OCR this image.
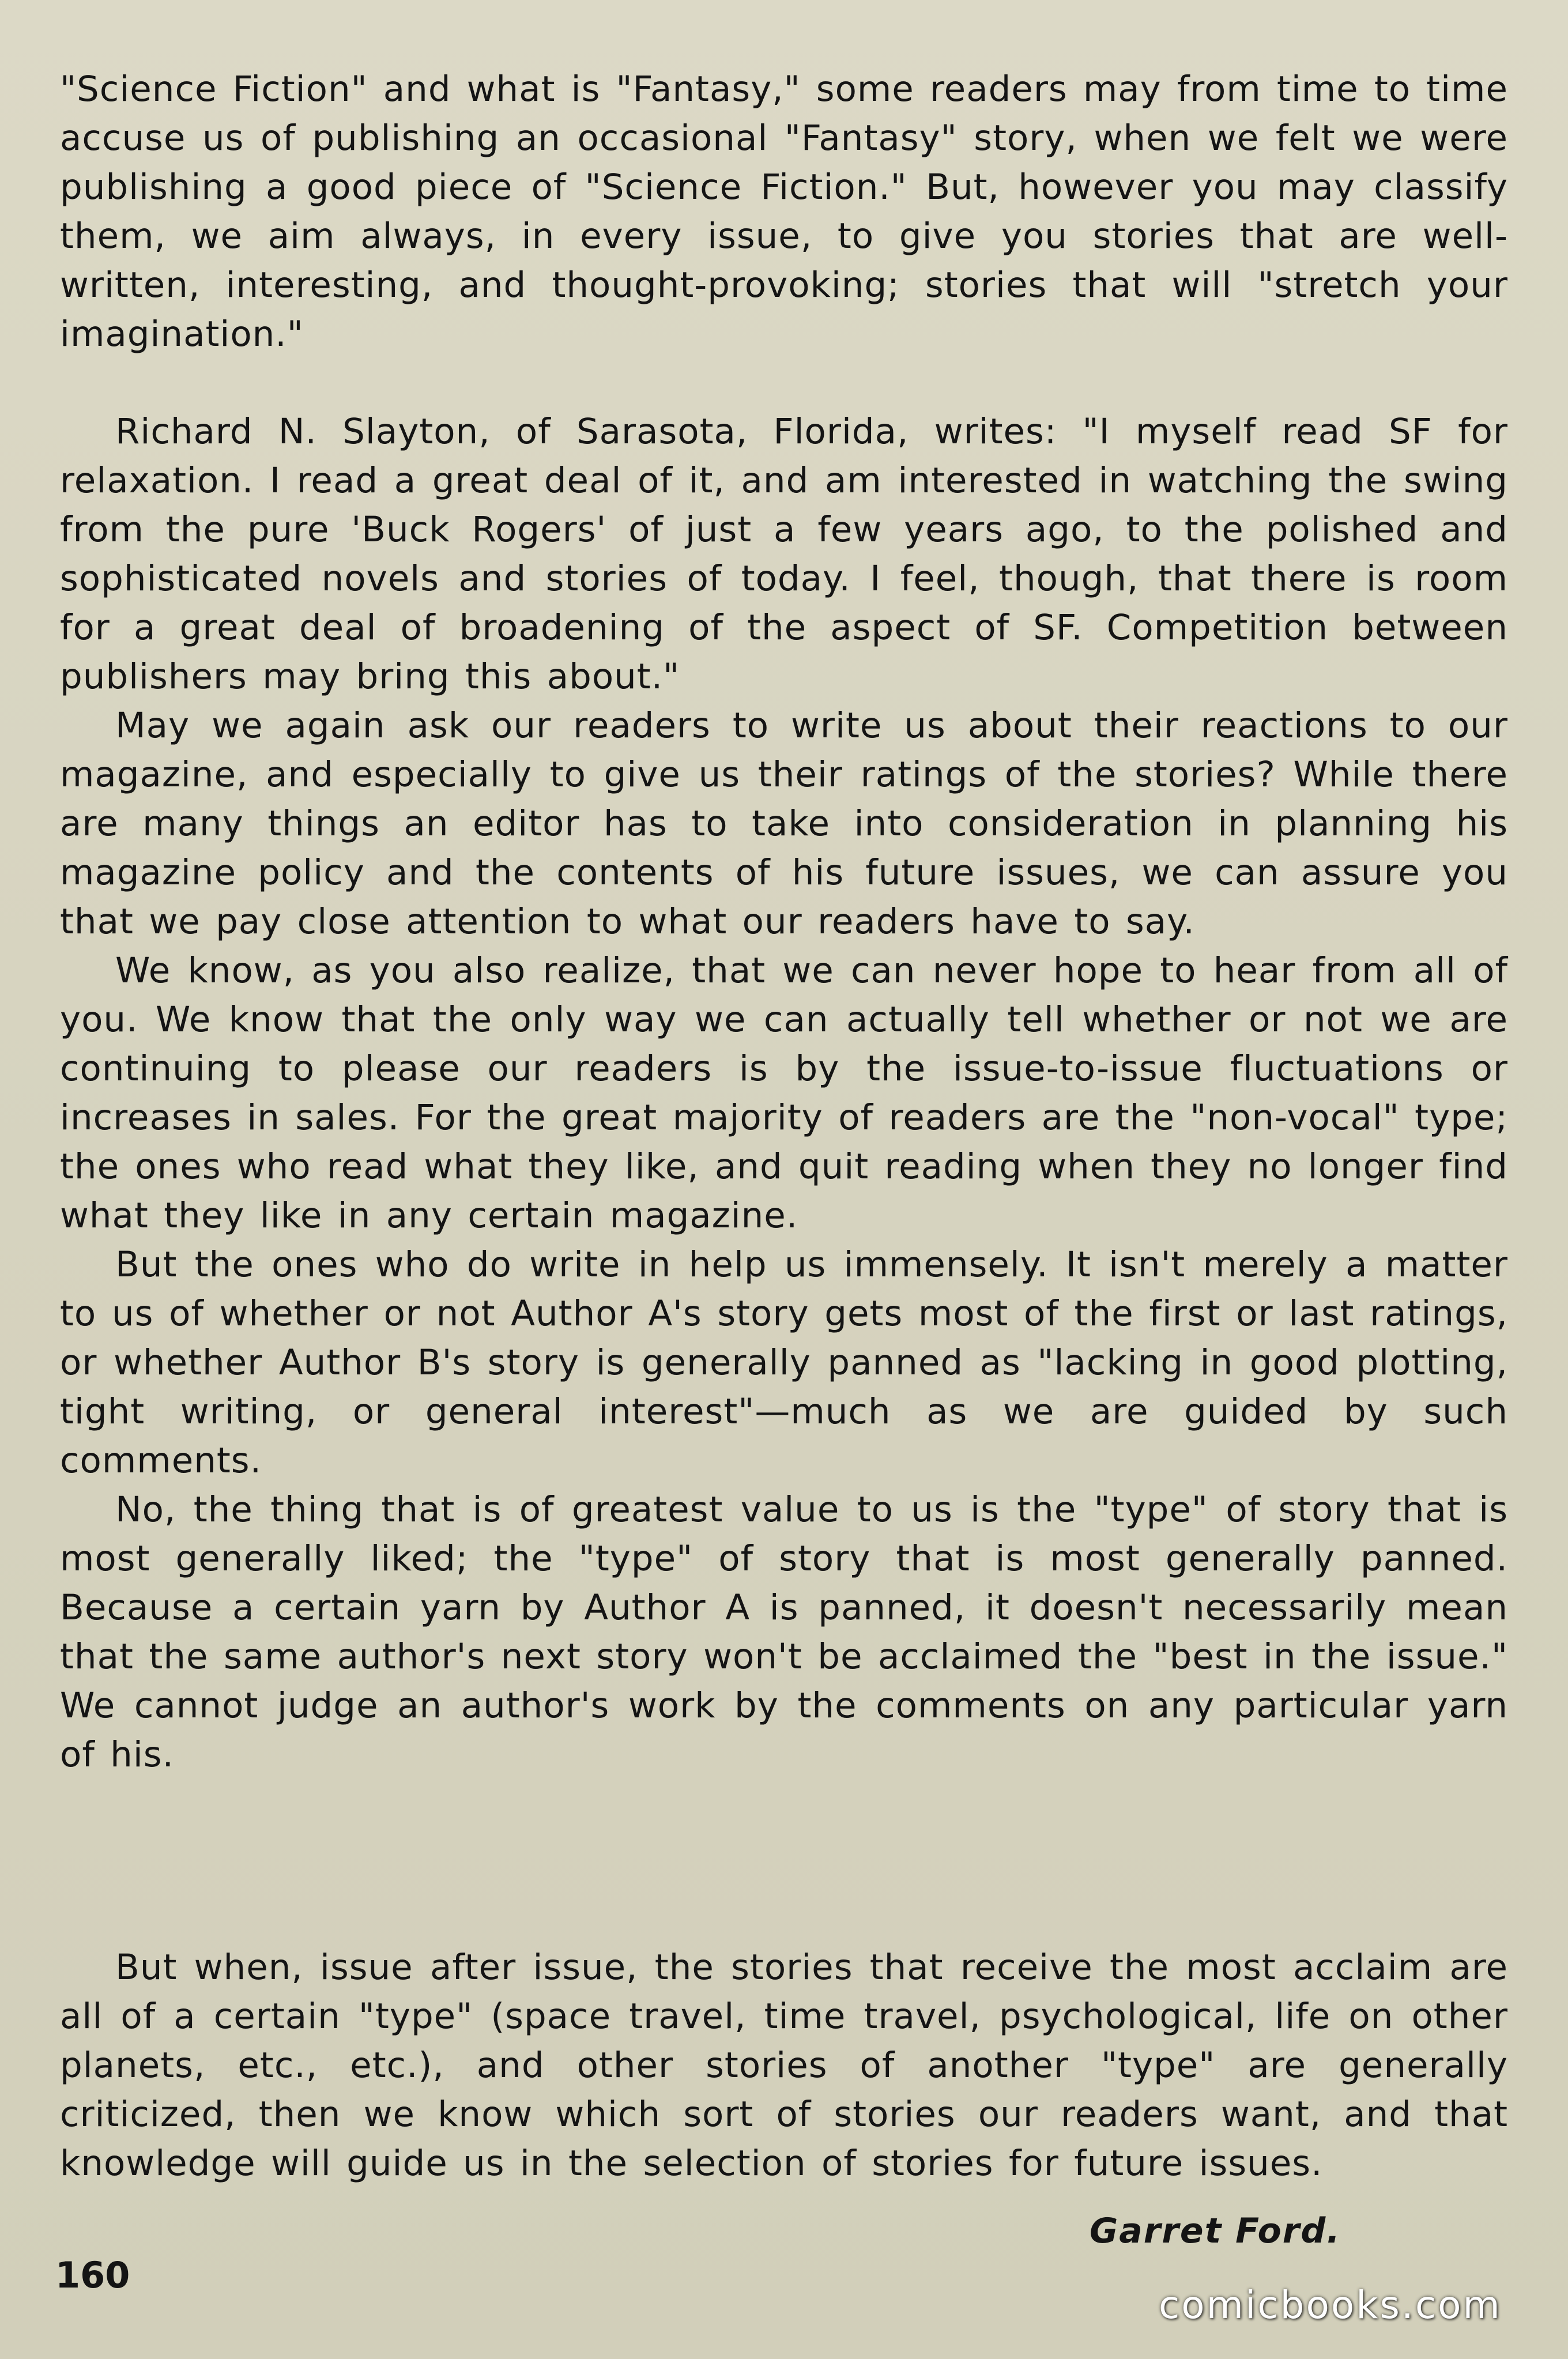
"Science Fiction" and what is "Fantasy," some readers may from time to time accuse us of publishing an occasional "Fantasy" story, when we felt we were publishing a good piece of "Science Fiction." But, however you may classify them, we aim always, in every issue, to give you stories that are well-written, interesting, and thought-provoking; stories that will "stretch your imagination."

Richard N. Slayton, of Sarasota, Florida, writes: "I myself read SF for relaxation. I read a great deal of it, and am interested in watching the swing from the pure 'Buck Rogers' of just a few years ago, to the polished and sophisticated novels and stories of today. I feel, though, that there is room for a great deal of broadening of the aspect of SF. Competition between publishers may bring this about."

May we again ask our readers to write us about their reactions to our magazine, and especially to give us their ratings of the stories? While there are many things an editor has to take into consideration in planning his magazine policy and the contents of his future issues, we can assure you that we pay close attention to what our readers have to say.

We know, as you also realize, that we can never hope to hear from all of you. We know that the only way we can actually tell whether or not we are continuing to please our readers is by the issue-to-issue fluctuations or increases in sales. For the great majority of readers are the "non-vocal" type; the ones who read what they like, and quit reading when they no longer find what they like in any certain magazine.

But the ones who do write in help us immensely. It isn't merely a matter to us of whether or not Author A's story gets most of the first or last ratings, or whether Author B's story is generally panned as "lacking in good plotting, tight writing, or general interest"—much as we are guided by such comments.

No, the thing that is of greatest value to us is the "type" of story that is most generally liked; the "type" of story that is most generally panned. Because a certain yarn by Author A is panned, it doesn't necessarily mean that the same author's next story won't be acclaimed the "best in the issue." We cannot judge an author's work by the comments on any particular yarn of his.

But when, issue after issue, the stories that receive the most acclaim are all of a certain "type" (space travel, time travel, psychological, life on other planets, etc., etc.), and other stories of another "type" are generally criticized, then we know which sort of stories our readers want, and that knowledge will guide us in the selection of stories for future issues.

Garret Ford.
160
comicbooks.com
